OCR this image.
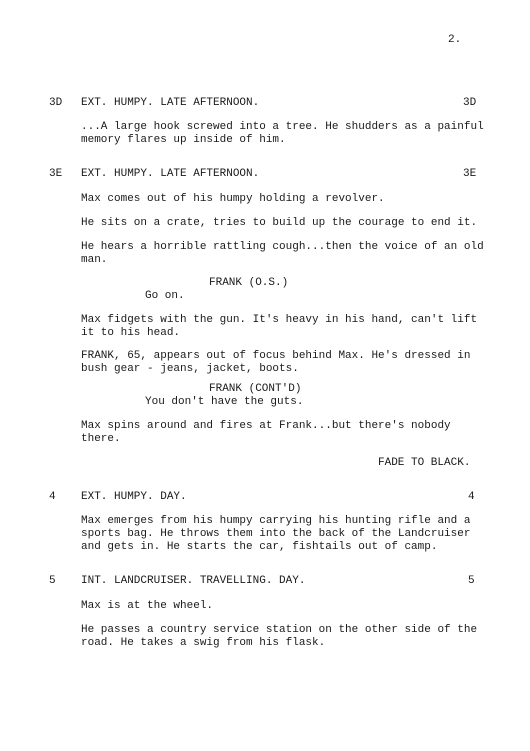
2.
3D EXT. HUMPY. LATE AFTERNOON.	3D
...A large hook screwed into a tree. He shudders as a painful
memory flares up inside of him.
3E EXT. HUMPY. LATE AFTERNOON.	3E
Max comes out of his humpy holding a revolver.
He sits on a crate, tries to build up the courage to end it.
He hears a horrible rattling cough...then the voice of an old
man.
FRANK (O.S.)
Go on.
Max fidgets with the gun. It's heavy in his hand, can't lift
it to his head.
FRANK, 65, appears out of focus behind Max. He's dressed in
bush gear - jeans, jacket, boots.
FRANK (CONT'D)
You don't have the guts.
Max spins around and fires at Frank...but there's nobody
there.
FADE TO BLACK.
4 EXT. HUMPY. DAY.	4
Max emerges from his humpy carrying his hunting rifle and a
sports bag. He throws them into the back of the Landcruiser
and gets in. He starts the car, fishtails out of camp.
5 INT. LANDCRUISER. TRAVELLING. DAY.	5
Max is at the wheel.
He passes a country service station on the other side of the
road. He takes a swig from his flask.
